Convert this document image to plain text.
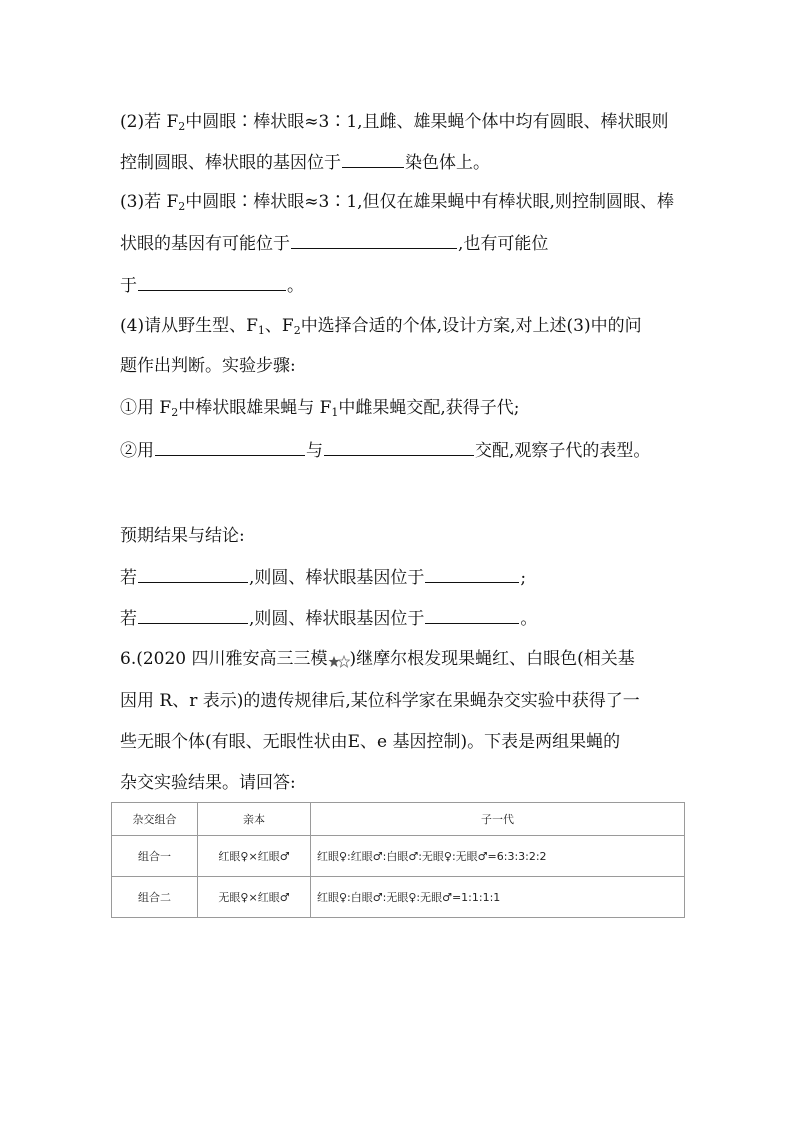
(2)若 $F_2$中圆眼∶棒状眼≈3∶1,且雌、雄果蝇个体中均有圆眼、棒状眼则
控制圆眼、棒状眼的基因位于	染色体上。
(3)若 $F_2$中圆眼∶棒状眼≈3∶1,但仅在雄果蝇中有棒状眼,则控制圆眼、棒
状眼的基因有可能位于	,也有可能位
于	。
(4)请从野生型、$F_1$、$F_2$中选择合适的个体,设计方案,对上述(3)中的问
题作出判断。实验步骤:
①用 $F_2$中棒状眼雄果蝇与 $F_1$中雌果蝇交配,获得子代;
②用	与	交配,观察子代的表型。
预期结果与结论:
若	,则圆、棒状眼基因位于	;
若	,则圆、棒状眼基因位于	。
6.(2020 四川雅安高三三模 )继摩尔根发现果蝇红、白眼色(相关基
因用 R、r 表示)的遗传规律后,某位科学家在果蝇杂交实验中获得了一
些无眼个体(有眼、无眼性状由E、e 基因控制)。下表是两组果蝇的
杂交实验结果。请回答:
杂交组合	亲本	子一代
组合一	红眼♀×红眼♂	红眼♀:红眼♂:白眼♂:无眼♀:无眼♂=6:3:3:2:2
组合二	无眼♀×红眼♂	红眼♀:白眼♂:无眼♀:无眼♂=1:1:1:1
